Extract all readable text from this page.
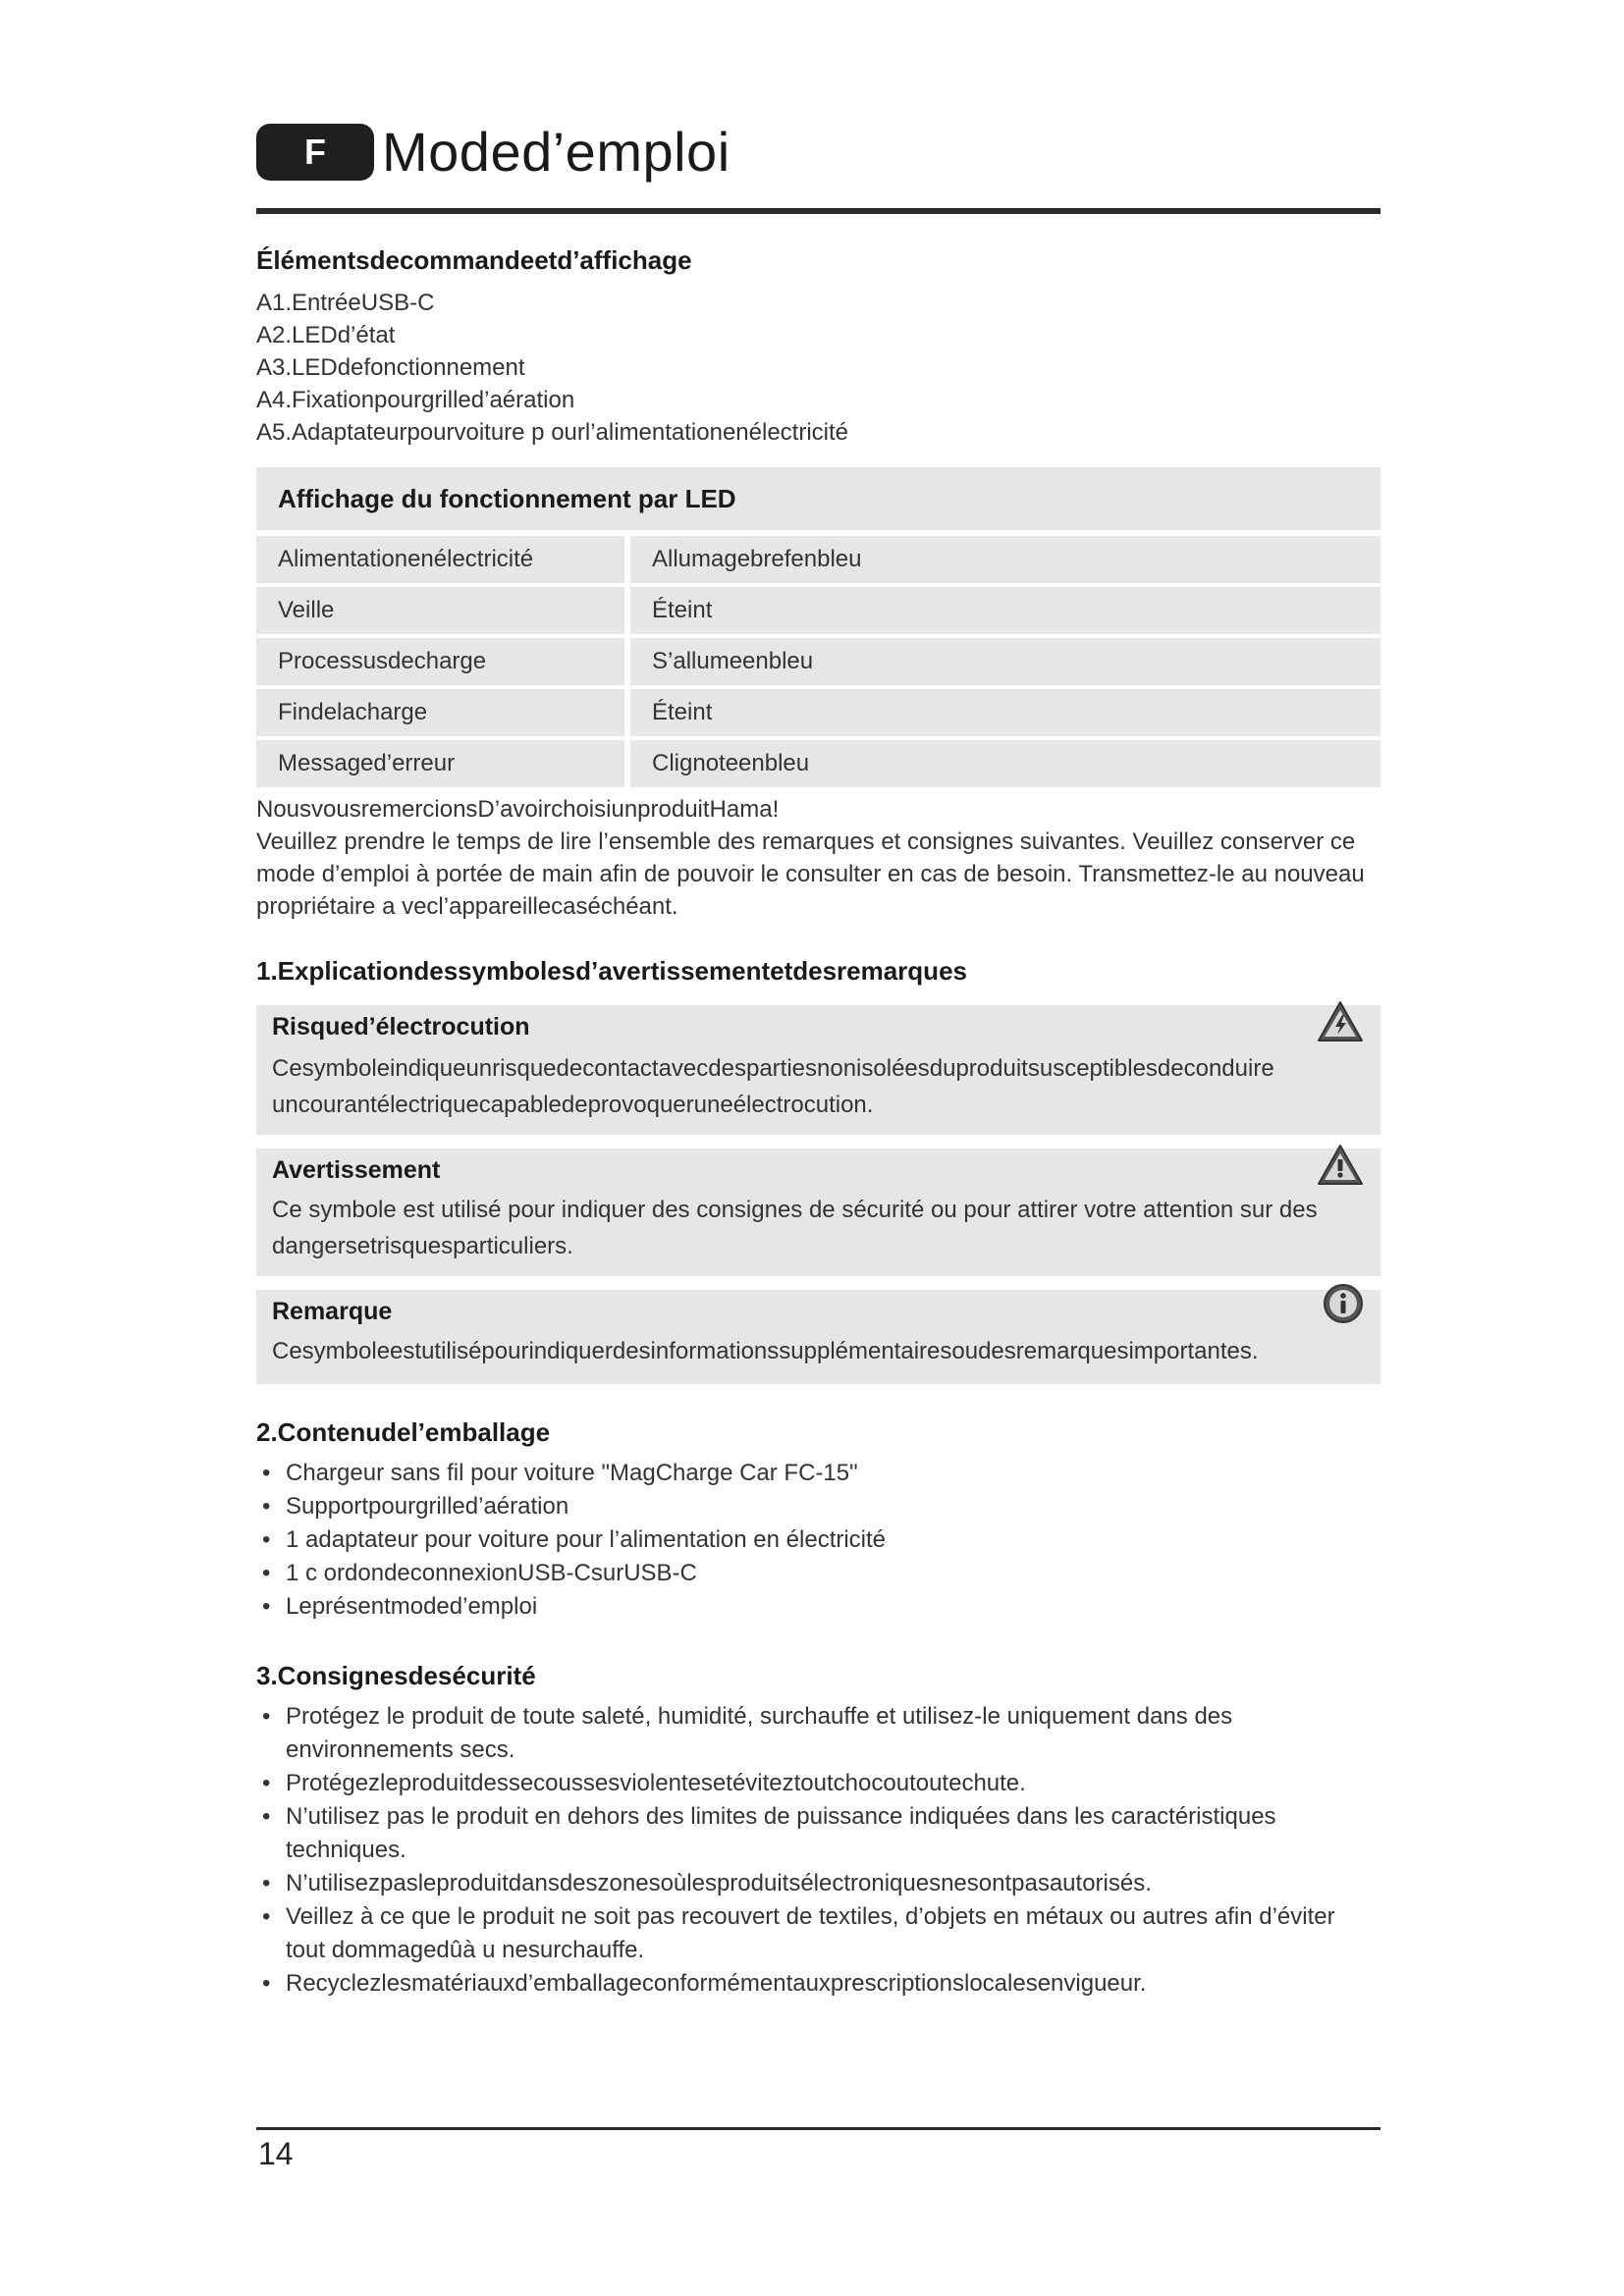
F	Moded’emploi
Élémentsdecommandeetd’affichage

A1.EntréeUSB-C

A2.LEDd’état

A3.LEDdefonctionnement

A4.Fixationpourgrilled’aération

A5.Adaptateurpourvoiture p ourl’alimentationenélectricité

Affichage du fonctionnement par LED
Alimentationenélectricité	Allumagebrefenbleu
Veille	Éteint
Processusdecharge	S’allumeenbleu
Findelacharge	Éteint
Messaged’erreur	Clignoteenbleu

NousvousremercionsD’avoirchoisiunproduitHama!

Veuillez prendre le temps de lire l’ensemble des remarques et consignes suivantes. Veuillez conserver ce

mode d’emploi à portée de main afin de pouvoir le consulter en cas de besoin. Transmettez-le au nouveau

propriétaire a vecl’appareillecaséchéant.

1.Explicationdessymbolesd’avertissementetdesremarques
Risqued’électrocution
Cesymboleindiqueunrisquedecontactavecdespartiesnonisoléesduproduitsusceptiblesdeconduire
uncourantélectriquecapabledeprovoqueruneélectrocution.
Avertissement
Ce symbole est utilisé pour indiquer des consignes de sécurité ou pour attirer votre attention sur des
dangersetrisquesparticuliers.
Remarque
Cesymboleestutilisépourindiquerdesinformationssupplémentairesoudesremarquesimportantes.
2.Contenudel’emballage
• Chargeur sans fil pour voiture "MagCharge Car FC-15"
• Supportpourgrilled’aération
• 1 adaptateur pour voiture pour l’alimentation en électricité
• 1 c ordondeconnexionUSB-CsurUSB-C
• Leprésentmoded’emploi
3.Consignesdesécurité
• Protégez le produit de toute saleté, humidité, surchauffe et utilisez-le uniquement dans des environnements secs.
• Protégezleproduitdessecoussesviolentesetéviteztoutchocoutoutechute.
• N’utilisez pas le produit en dehors des limites de puissance indiquées dans les caractéristiques techniques.
• N’utilisezpasleproduitdansdeszonesoùlesproduitsélectroniquesnesontpasautorisés.
• Veillez à ce que le produit ne soit pas recouvert de textiles, d’objets en métaux ou autres afin d’éviter tout dommagedûà u nesurchauffe.
• Recyclezlesmatériauxd’emballageconformémentauxprescriptionslocalesenvigueur.
14
